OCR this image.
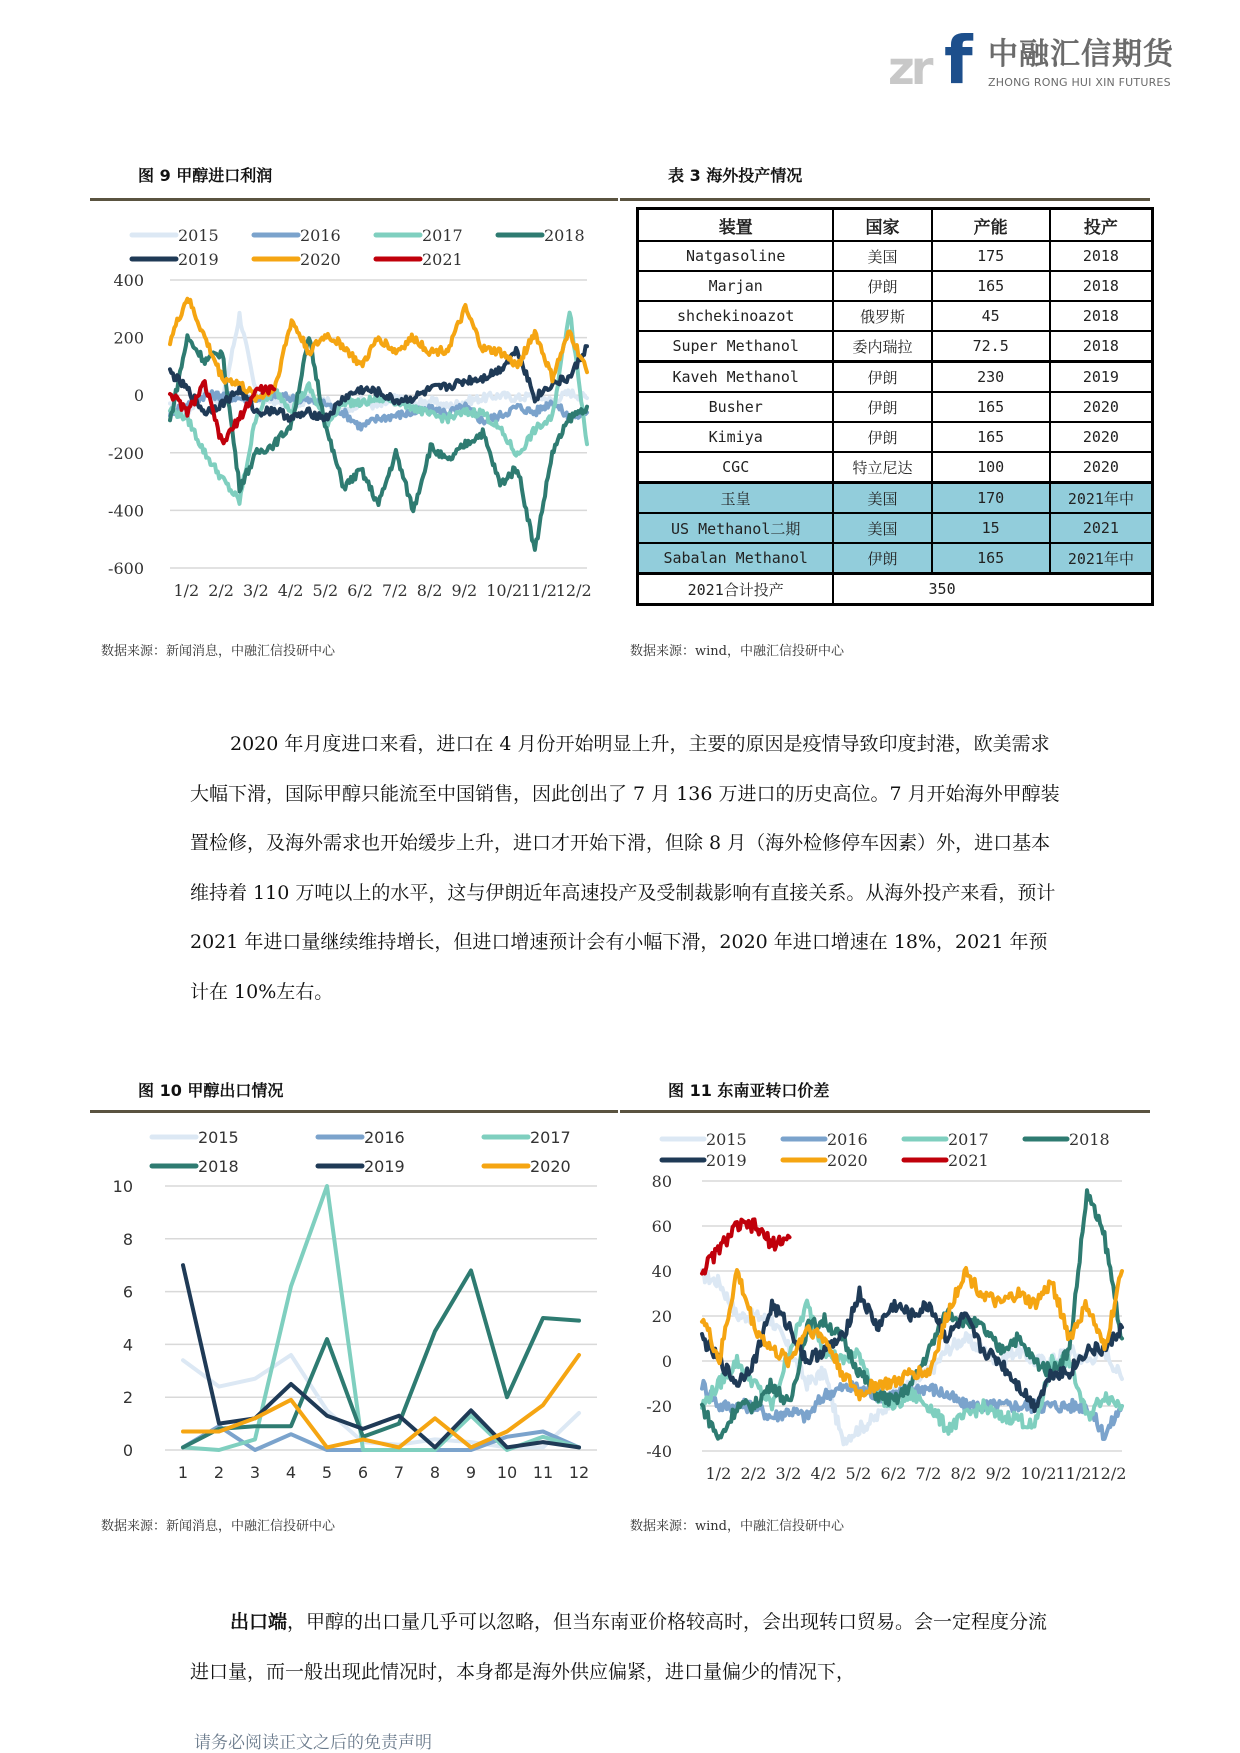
zr f 中融汇信期货
ZHONG RONG HUI XIN FUTURES
图 9 甲醇进口利润	表 3 海外投产情况
2015	2016	2017	2018
2019	2020	2021
400
200
0
-200
-400
-600
1/2 2/2 3/2 4/2 5/2 6/2 7/2 8/2 9/2 10/2
11/2
12/2
装置	国家	产能	投产
Natgasoline	美国	175	2018
Marjan	伊朗	165	2018
shchekinoazot	俄罗斯	45	2018
Super Methanol	委内瑞拉	72.5	2018
Kaveh Methanol	伊朗	230	2019
Busher	伊朗	165	2020
Kimiya	伊朗	165	2020
CGC	特立尼达	100	2020
玉皇	美国	170	2021年中
US Methanol二期	美国	15	2021
Sabalan Methanol	伊朗	165	2021年中
2021合计投产	350		
数据来源：新闻消息，中融汇信投研中心	数据来源：wind，中融汇信投研中心

2020 年月度进口来看，进口在 4 月份开始明显上升，主要的原因是疫情导致印度封港，欧美需求大幅下滑，国际甲醇只能流至中国销售，因此创出了 7 月 136 万进口的历史高位。7 月开始海外甲醇装置检修，及海外需求也开始缓步上升，进口才开始下滑，但除 8 月（海外检修停车因素）外，进口基本维持着 110 万吨以上的水平，这与伊朗近年高速投产及受制裁影响有直接关系。从海外投产来看，预计 2021 年进口量继续维持增长，但进口增速预计会有小幅下滑，2020 年进口增速在 18%，2021 年预计在 10%左右。

图 10 甲醇出口情况	图 11 东南亚转口价差
2015	2016	2017
2018	2019	2020
10
8
6
4
2
0
1 2 3 4 5 6 7 8 9 10 11 12
2015	2016	2017	2018
2019	2020	2021
80
60
40
20
0
-20
-40
1/2 2/2 3/2 4/2 5/2 6/2 7/2 8/2 9/2 10/2 11/2 12/2
数据来源：新闻消息，中融汇信投研中心	数据来源：wind，中融汇信投研中心

出口端，甲醇的出口量几乎可以忽略，但当东南亚价格较高时，会出现转口贸易。会一定程度分流进口量，而一般出现此情况时，本身都是海外供应偏紧，进口量偏少的情况下，

请务必阅读正文之后的免责声明
